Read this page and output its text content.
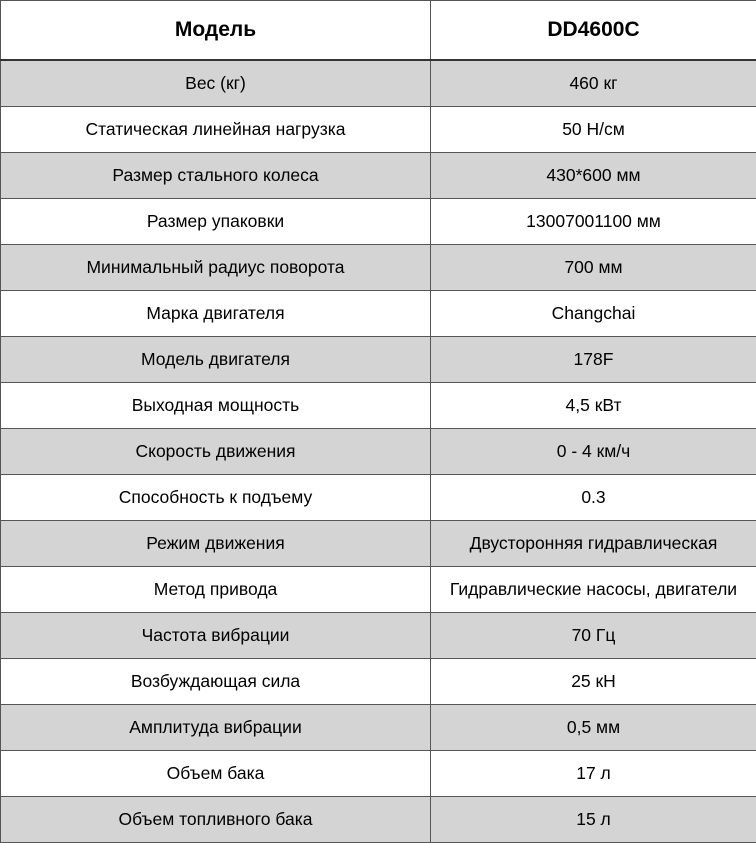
Модель	DD4600C
Вес (кг)	460 кг
Статическая линейная нагрузка	50 Н/см
Размер стального колеса	430*600 мм
Размер упаковки	13007001100 мм
Минимальный радиус поворота	700 мм
Марка двигателя	Changchai
Модель двигателя	178F
Выходная мощность	4,5 кВт
Скорость движения	0 - 4 км/ч
Способность к подъему	0.3
Режим движения	Двусторонняя гидравлическая
Метод привода	Гидравлические насосы, двигатели
Частота вибрации	70 Гц
Возбуждающая сила	25 кН
Амплитуда вибрации	0,5 мм
Объем бака	17 л
Объем топливного бака	15 л
